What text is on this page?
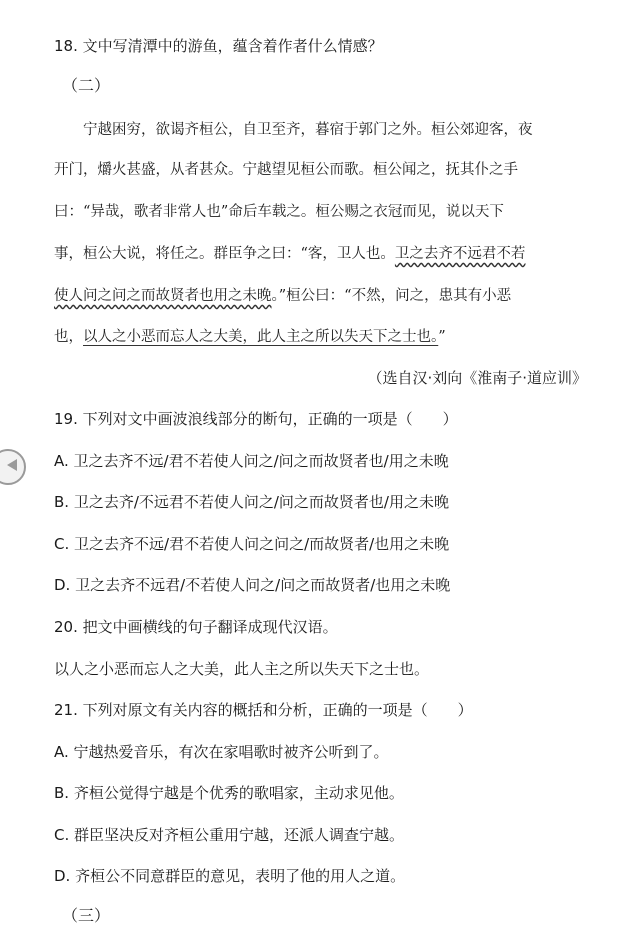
18. 文中写清潭中的游鱼，蕴含着作者什么情感？
（二）
宁越困穷，欲谒齐桓公，自卫至齐，暮宿于郭门之外。桓公郊迎客，夜
开门，爝火甚盛，从者甚众。宁越望见桓公而歌。桓公闻之，抚其仆之手
曰：“异哉，歌者非常人也”命后车载之。桓公赐之衣冠而见，说以天下
事，桓公大说，将任之。群臣争之曰：“客，卫人也。卫之去齐不远君不若
使人问之问之而故贤者也用之未晚。”桓公曰：“不然，问之，患其有小恶
也，以人之小恶而忘人之大美，此人主之所以失天下之士也。”
（选自汉·刘向《淮南子·道应训》
19. 下列对文中画波浪线部分的断句，正确的一项是（　　）
A. 卫之去齐不远/君不若使人问之/问之而故贤者也/用之未晚
B. 卫之去齐/不远君不若使人问之/问之而故贤者也/用之未晚
C. 卫之去齐不远/君不若使人问之问之/而故贤者/也用之未晚
D. 卫之去齐不远君/不若使人问之/问之而故贤者/也用之未晚
20. 把文中画横线的句子翻译成现代汉语。
以人之小恶而忘人之大美，此人主之所以失天下之士也。
21. 下列对原文有关内容的概括和分析，正确的一项是（　　）
A. 宁越热爱音乐，有次在家唱歌时被齐公听到了。
B. 齐桓公觉得宁越是个优秀的歌唱家，主动求见他。
C. 群臣坚决反对齐桓公重用宁越，还派人调查宁越。
D. 齐桓公不同意群臣的意见，表明了他的用人之道。
（三）
